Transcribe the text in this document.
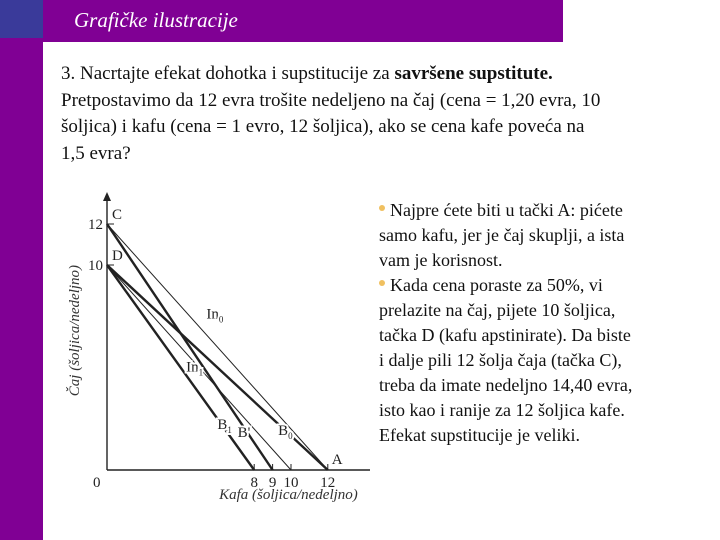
Grafičke ilustracije
3. Nacrtajte efekat dohotka i supstitucije za savršene supstitute.
Pretpostavimo da 12 evra trošite nedeljeno na čaj (cena = 1,20 evra, 10
šoljica) i kafu (cena = 1 evro, 12 šoljica), ako se cena kafe poveća na
1,5 evra?
Najpre ćete biti u tački A: pićete
samo kafu, jer je čaj skuplji, a ista
vam je korisnost.
Kada cena poraste za 50%, vi
prelazite na čaj, pijete 10 šoljica,
tačka D (kafu apstinirate). Da biste
i dalje pili 12 šolja čaja (tačka C),
treba da imate nedeljno 14,40 evra,
isto kao i ranije za 12 šoljica kafe.
Efekat supstitucije je veliki.
$In_0$
$In_1$
$B_0$
$B_1$ B'
C
D
A
8 9 10 12
10
12
0
Kafa (šoljica/nedeljno)
Čaj (šoljica/nedeljno)
